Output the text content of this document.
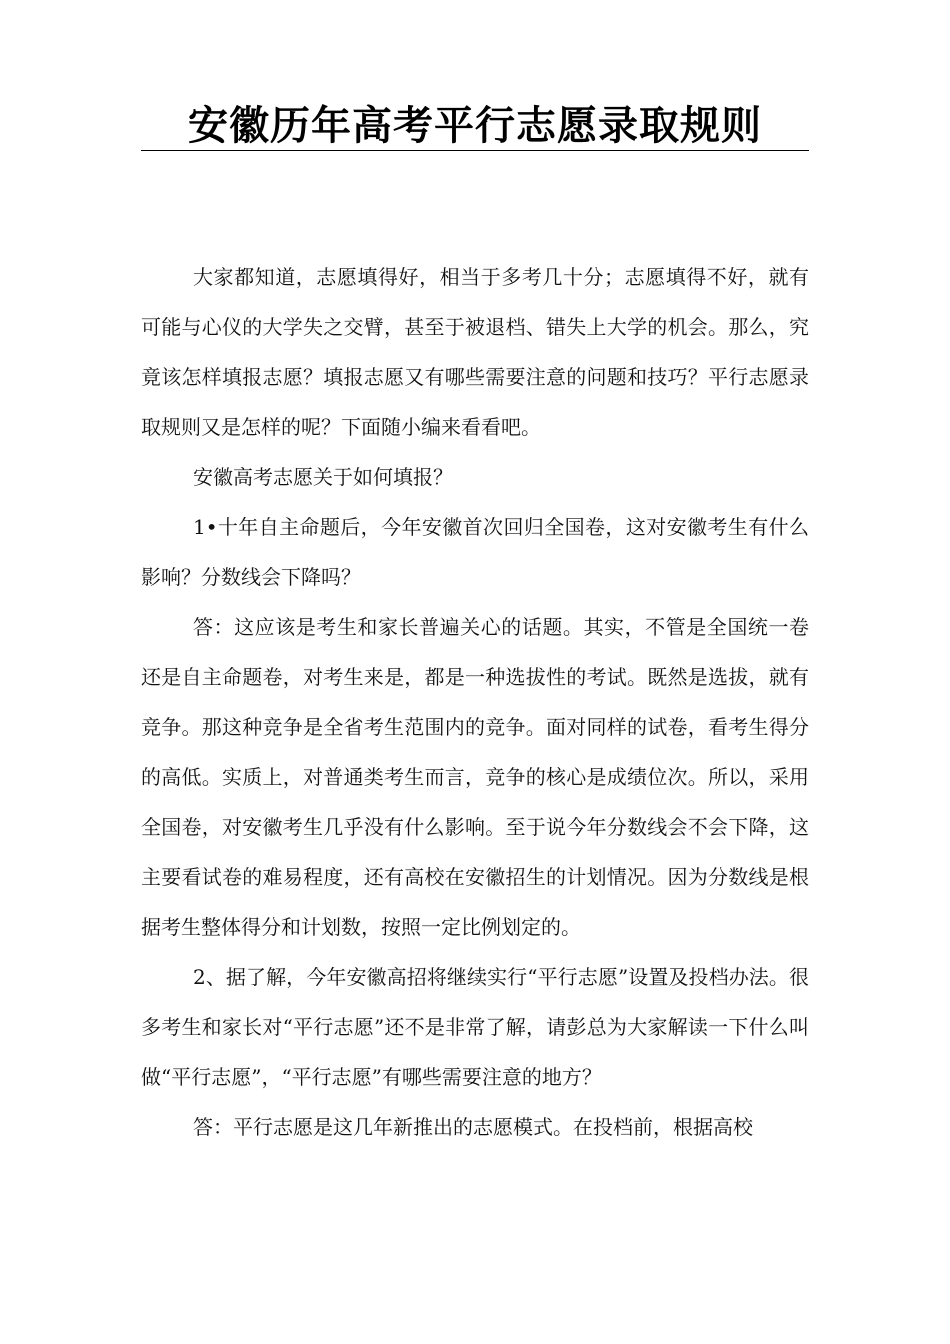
安徽历年高考平行志愿录取规则

大家都知道，志愿填得好，相当于多考几十分；志愿填得不好，就有可能与心仪的大学失之交臂，甚至于被退档、错失上大学的机会。那么，究竟该怎样填报志愿？填报志愿又有哪些需要注意的问题和技巧？平行志愿录取规则又是怎样的呢？下面随小编来看看吧。

安徽高考志愿关于如何填报？

1•十年自主命题后，今年安徽首次回归全国卷，这对安徽考生有什么影响？分数线会下降吗？

答：这应该是考生和家长普遍关心的话题。其实，不管是全国统一卷还是自主命题卷，对考生来是，都是一种选拔性的考试。既然是选拔，就有竞争。那这种竞争是全省考生范围内的竞争。面对同样的试卷，看考生得分的高低。实质上，对普通类考生而言，竞争的核心是成绩位次。所以，采用全国卷，对安徽考生几乎没有什么影响。至于说今年分数线会不会下降，这主要看试卷的难易程度，还有高校在安徽招生的计划情况。因为分数线是根据考生整体得分和计划数，按照一定比例划定的。

2、据了解，今年安徽高招将继续实行“平行志愿”设置及投档办法。很多考生和家长对“平行志愿”还不是非常了解，请彭总为大家解读一下什么叫做“平行志愿”，“平行志愿”有哪些需要注意的地方？

答：平行志愿是这几年新推出的志愿模式。在投档前，根据高校
